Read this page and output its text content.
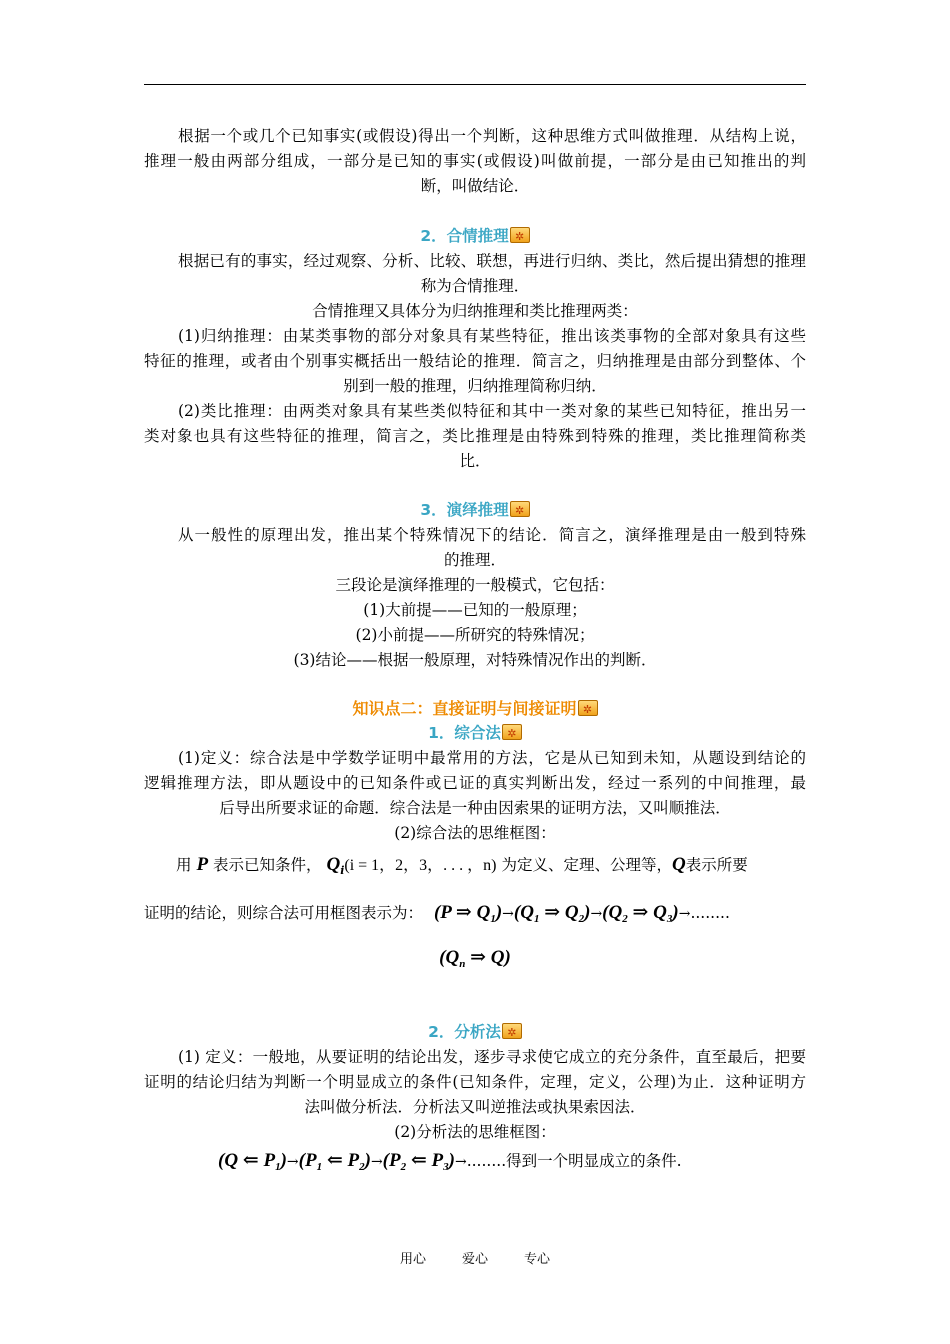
根据一个或几个已知事实(或假设)得出一个判断，这种思维方式叫做推理．从结构上说，
推理一般由两部分组成，一部分是已知的事实(或假设)叫做前提，一部分是由已知推出的判
断，叫做结论．
2．合情推理✲
根据已有的事实，经过观察、分析、比较、联想，再进行归纳、类比，然后提出猜想的推理
称为合情推理．
合情推理又具体分为归纳推理和类比推理两类：
(1)归纳推理：由某类事物的部分对象具有某些特征，推出该类事物的全部对象具有这些
特征的推理，或者由个别事实概括出一般结论的推理．简言之，归纳推理是由部分到整体、个
别到一般的推理，归纳推理简称归纳．
(2)类比推理：由两类对象具有某些类似特征和其中一类对象的某些已知特征，推出另一
类对象也具有这些特征的推理，简言之，类比推理是由特殊到特殊的推理，类比推理简称类
比．
3．演绎推理✲
从一般性的原理出发，推出某个特殊情况下的结论．简言之，演绎推理是由一般到特殊
的推理．
三段论是演绎推理的一般模式，它包括：
(1)大前提——已知的一般原理；
(2)小前提——所研究的特殊情况；
(3)结论——根据一般原理，对特殊情况作出的判断．
知识点二：直接证明与间接证明✲
1．综合法✲
(1)定义：综合法是中学数学证明中最常用的方法，它是从已知到未知，从题设到结论的
逻辑推理方法，即从题设中的已知条件或已证的真实判断出发，经过一系列的中间推理，最
后导出所要求证的命题．综合法是一种由因索果的证明方法，又叫顺推法．
(2)综合法的思维框图：
用 P 表示已知条件， $Q_i(i = 1$，2，3，. . . ，n) 为定义、定理、公理等，Q表示所要
证明的结论，则综合法可用框图表示为： (P ⇒ $Q_1)\to(Q_1$ ⇒ $Q_2)\to(Q_2$ ⇒ $Q_3)\to$........
($Q_n$ ⇒ Q)
2．分析法✲
(1) 定义：一般地，从要证明的结论出发，逐步寻求使它成立的充分条件，直至最后，把要
证明的结论归结为判断一个明显成立的条件(已知条件，定理，定义，公理)为止．这种证明方
法叫做分析法．分析法又叫逆推法或执果索因法．
(2)分析法的思维框图：
(Q ⇐ $P_1)\to(P_1$ ⇐ $P_2)\to(P_2$ ⇐ $P_3)\to$........得到一个明显成立的条件.
用心	爱心	专心
